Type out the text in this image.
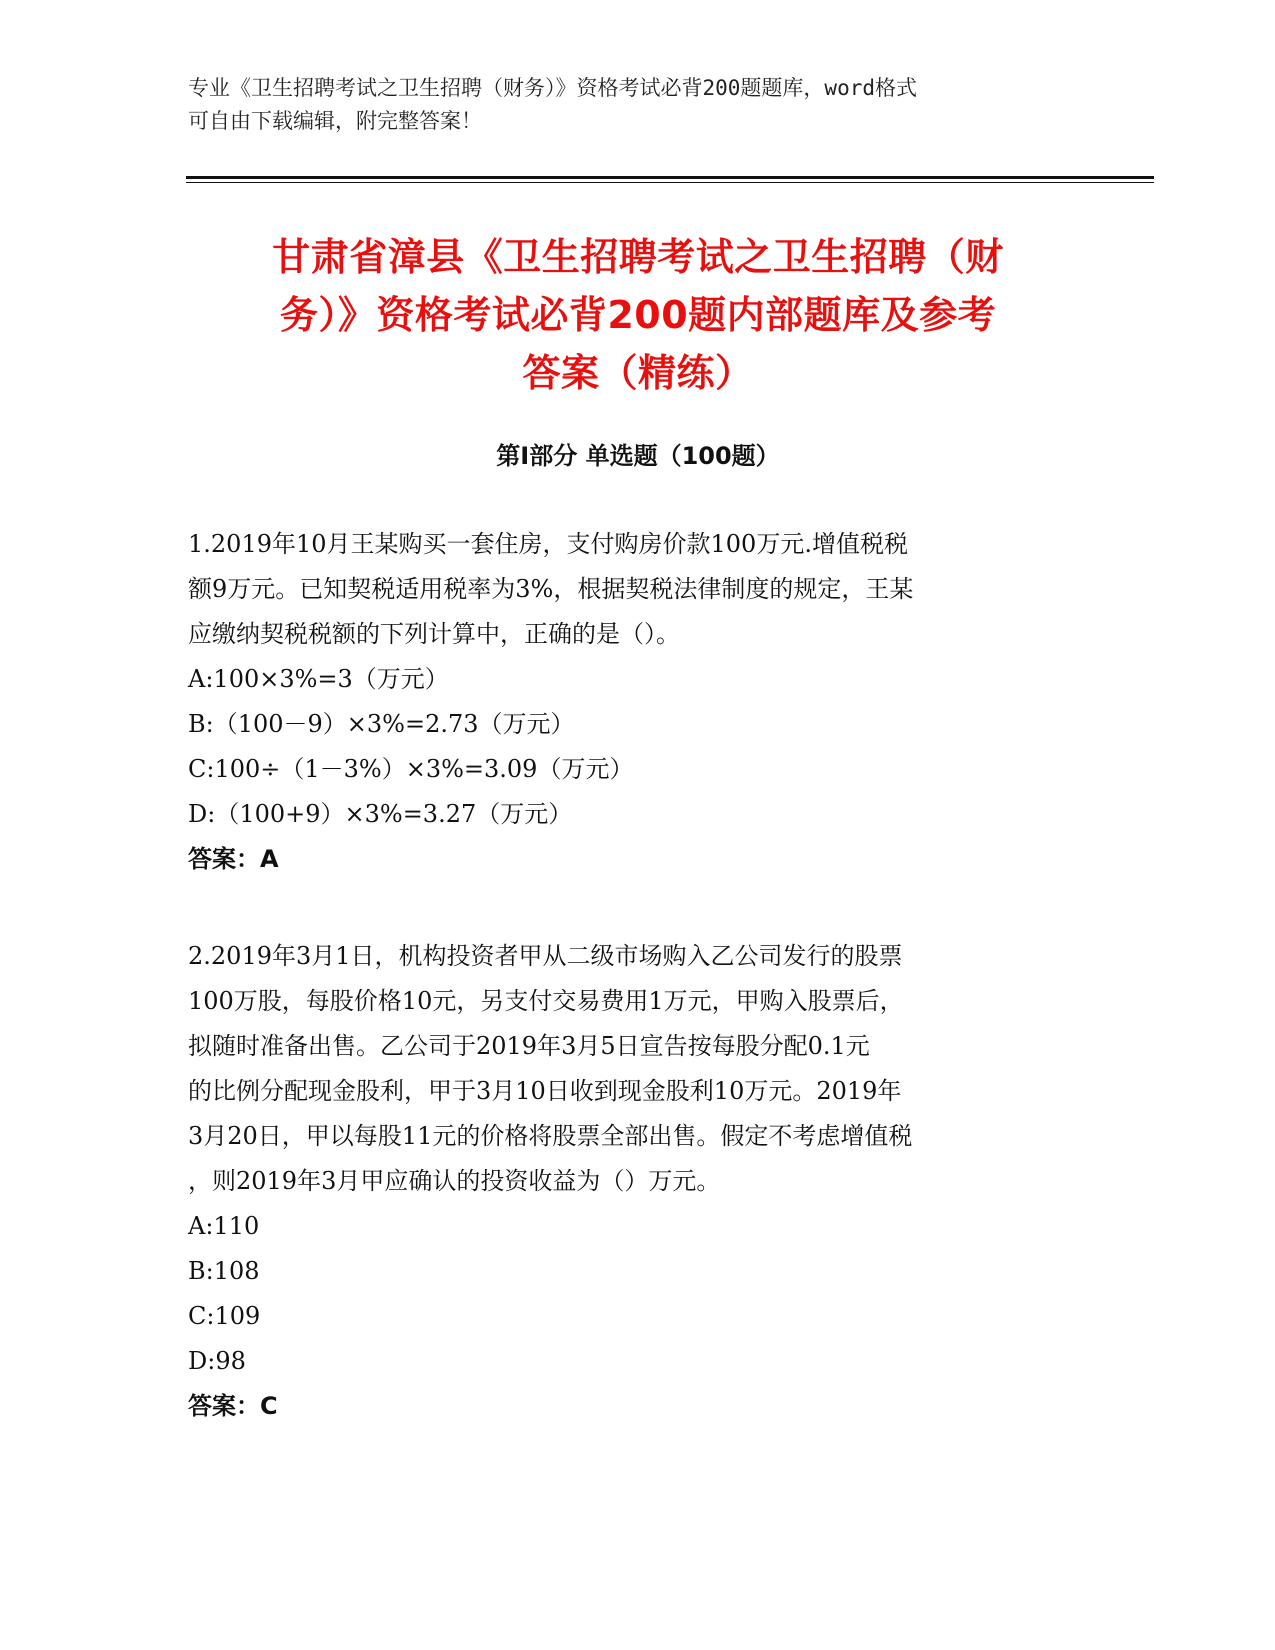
专业《卫生招聘考试之卫生招聘（财务）》资格考试必背200题题库，word格式
可自由下载编辑，附完整答案！
甘肃省漳县《卫生招聘考试之卫生招聘（财
务）》资格考试必背200题内部题库及参考
答案（精练）
第I部分 单选题（100题）
1.2019年10月王某购买一套住房，支付购房价款100万元.增值税税
额9万元。已知契税适用税率为3%，根据契税法律制度的规定，王某
应缴纳契税税额的下列计算中，正确的是（）。
A:100×3%=3（万元）
B:（100－9）×3%=2.73（万元）
C:100÷（1－3%）×3%=3.09（万元）
D:（100+9）×3%=3.27（万元）
答案：A
2.2019年3月1日，机构投资者甲从二级市场购入乙公司发行的股票
100万股，每股价格10元，另支付交易费用1万元，甲购入股票后，
拟随时准备出售。乙公司于2019年3月5日宣告按每股分配0.1元
的比例分配现金股利，甲于3月10日收到现金股利10万元。2019年
3月20日，甲以每股11元的价格将股票全部出售。假定不考虑增值税
，则2019年3月甲应确认的投资收益为（）万元。
A:110
B:108
C:109
D:98
答案：C
